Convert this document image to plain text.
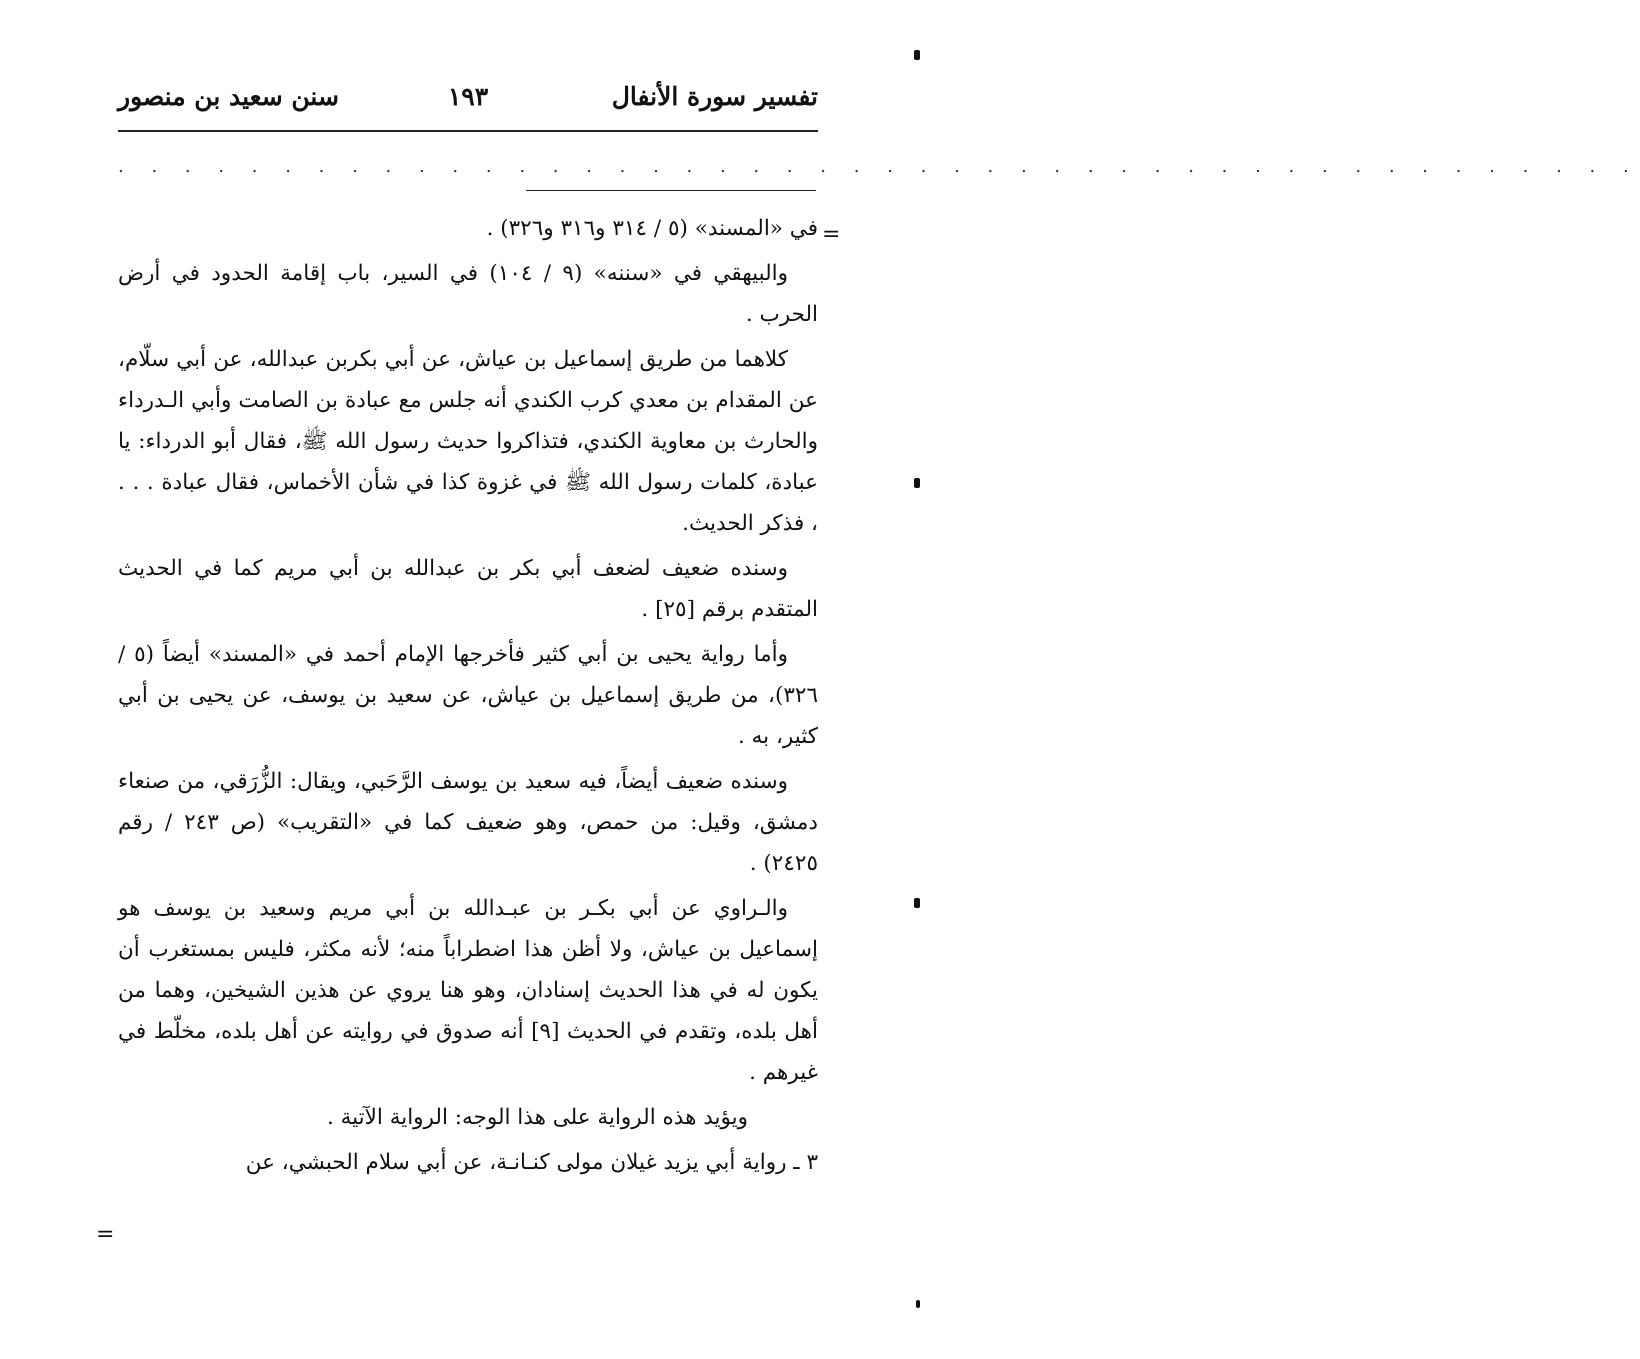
تفسير سورة الأنفال
١٩٣
سنن سعيد بن منصور
. . . . . . . . . . . . . . . . . . . . . . . . . . . . . . . . . . . . . . . . . . . . . .
=

في «المسند» (٥ / ٣١٤ و٣١٦ و٣٢٦) .

والبيهقي في «سننه» (٩ / ١٠٤) في السير، باب إقامة الحدود في أرض الحرب .

كلاهما من طريق إسماعيل بن عياش، عن أبي بكربن عبدالله، عن أبي سلّام، عن المقدام بن معدي كرب الكندي أنه جلس مع عبادة بن الصامت وأبي الـدرداء والحارث بن معاوية الكندي، فتذاكروا حديث رسول الله ﷺ، فقال أبو الدرداء: يا عبادة، كلمات رسول الله ﷺ في غزوة كذا في شأن الأخماس، فقال عبادة . . . ، فذكر الحديث.

وسنده ضعيف لضعف أبي بكر بن عبدالله بن أبي مريم كما في الحديث المتقدم برقم [٢٥] .

وأما رواية يحيى بن أبي كثير فأخرجها الإمام أحمد في «المسند» أيضاً (٥ / ٣٢٦)، من طريق إسماعيل بن عياش، عن سعيد بن يوسف، عن يحيى بن أبي كثير، به .

وسنده ضعيف أيضاً، فيه سعيد بن يوسف الرَّحَبي، ويقال: الزُّرَقي، من صنعاء دمشق، وقيل: من حمص، وهو ضعيف كما في «التقريب» (ص ٢٤٣ / رقم ٢٤٢٥) .

والـراوي عن أبي بكـر بن عبـدالله بن أبي مريم وسعيد بن يوسف هو إسماعيل بن عياش، ولا أظن هذا اضطراباً منه؛ لأنه مكثر، فليس بمستغرب أن يكون له في هذا الحديث إسنادان، وهو هنا يروي عن هذين الشيخين، وهما من أهل بلده، وتقدم في الحديث [٩] أنه صدوق في روايته عن أهل بلده، مخلّط في غيرهم .

ويؤيد هذه الرواية على هذا الوجه: الرواية الآتية .

٣ ـ رواية أبي يزيد غيلان مولى كنـانـة، عن أبي سلام الحبشي، عن

=
